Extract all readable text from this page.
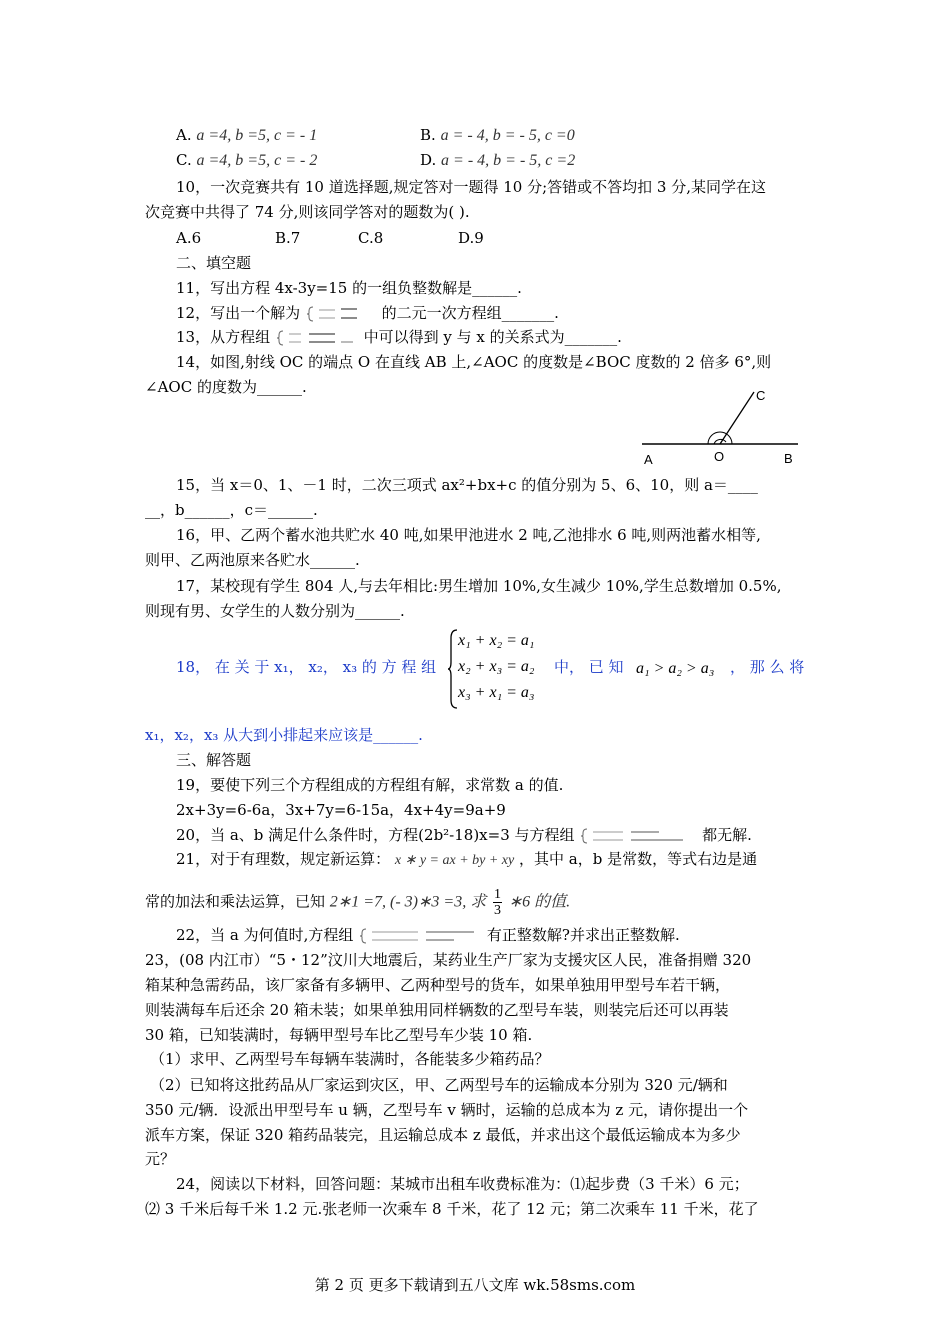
A. a =4, b =5, c = - 1	B. a = - 4, b = - 5, c =0
C. a =4, b =5, c = - 2	D. a = - 4, b = - 5, c =2
10，一次竞赛共有 10 道选择题,规定答对一题得 10 分;答错或不答均扣 3 分,某同学在这
次竞赛中共得了 74 分,则该同学答对的题数为( ).
A.6	B.7	C.8	D.9
二、填空题
11，写出方程 4x-3y=15 的一组负整数解是______.
12，写出一个解为	的二元一次方程组_______.
13，从方程组	中可以得到 y 与 x 的关系式为_______.
14，如图,射线 OC 的端点 O 在直线 AB 上,∠AOC 的度数是∠BOC 度数的 2 倍多 6°,则
∠AOC 的度数为______.
A	O	B
C
15，当 x＝0、1、－1 时，二次三项式 ax²+bx+c 的值分别为 5、6、10，则 a＝____
__，b______，c＝______.
16，甲、乙两个蓄水池共贮水 40 吨,如果甲池进水 2 吨,乙池排水 6 吨,则两池蓄水相等,
则甲、乙两池原来各贮水______.
17，某校现有学生 804 人,与去年相比:男生增加 10%,女生减少 10%,学生总数增加 0.5%,
则现有男、女学生的人数分别为______.
18， 在 关 于 x₁， x₂， x₃ 的 方 程 组
x₁ + x₂ = a₁
x₂ + x₃ = a₂
x₃ + x₁ = a₃
中， 已 知 a₁ > a₂ > a₃ ， 那 么 将
x₁，x₂，x₃ 从大到小排起来应该是______.
三、解答题
19，要使下列三个方程组成的方程组有解，求常数 a 的值.
2x+3y=6-6a，3x+7y=6-15a，4x+4y=9a+9
20，当 a、b 满足什么条件时，方程(2b²-18)x=3 与方程组	都无解.
21，对于有理数，规定新运算： x ∗ y = ax + by + xy ，其中 a，b 是常数，等式右边是通
常的加法和乘法运算，已知 2∗1 =7, (- 3)∗3 =3, 求 $\frac{1}{3}$ ∗6 的值.
22，当 a 为何值时,方程组	有正整数解?并求出正整数解.
23，(08 内江市）“5・12”汶川大地震后，某药业生产厂家为支援灾区人民，准备捐赠 320
箱某种急需药品，该厂家备有多辆甲、乙两种型号的货车，如果单独用甲型号车若干辆，
则装满每车后还余 20 箱未装；如果单独用同样辆数的乙型号车装，则装完后还可以再装
30 箱，已知装满时，每辆甲型号车比乙型号车少装 10 箱.
（1）求甲、乙两型号车每辆车装满时，各能装多少箱药品？
（2）已知将这批药品从厂家运到灾区，甲、乙两型号车的运输成本分别为 320 元/辆和
350 元/辆．设派出甲型号车 u 辆，乙型号车 v 辆时，运输的总成本为 z 元，请你提出一个
派车方案，保证 320 箱药品装完，且运输总成本 z 最低，并求出这个最低运输成本为多少
元？
24，阅读以下材料，回答问题：某城市出租车收费标准为：⑴起步费（3 千米）6 元；
⑵ 3 千米后每千米 1.2 元.张老师一次乘车 8 千米，花了 12 元；第二次乘车 11 千米，花了
第 2 页 更多下载请到五八文库 wk.58sms.com
